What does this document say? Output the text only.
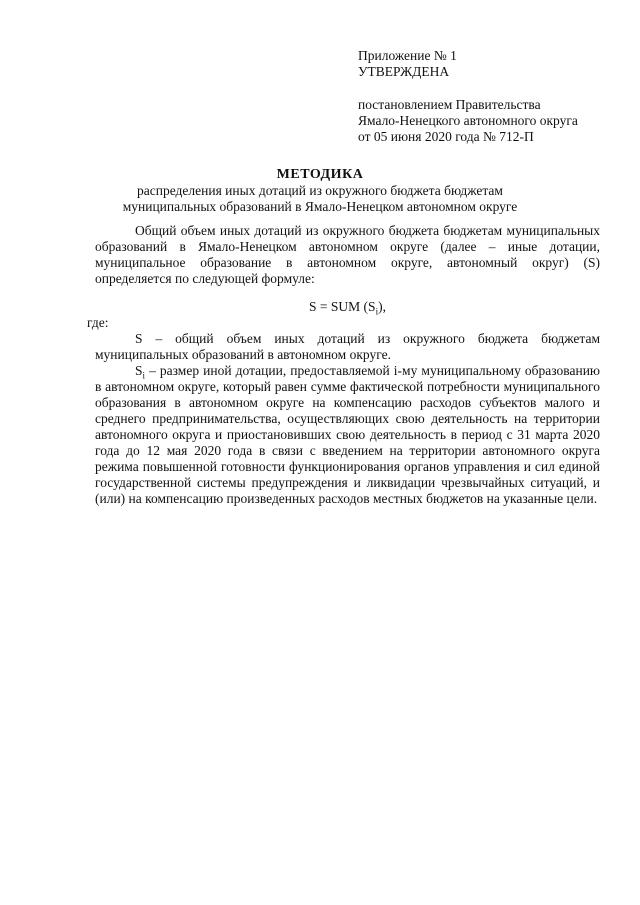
Приложение № 1
УТВЕРЖДЕНА
постановлением Правительства
Ямало-Ненецкого автономного округа
от 05 июня 2020 года № 712-П
МЕТОДИКА
распределения иных дотаций из окружного бюджета бюджетам
муниципальных образований в Ямало-Ненецком автономном округе

Общий объем иных дотаций из окружного бюджета бюджетам муниципальных образований в Ямало-Ненецком автономном округе (далее – иные дотации, муниципальное образование в автономном округе, автономный округ) (S) определяется по следующей формуле:

S = SUM $(S_i)$,

где:

S – общий объем иных дотаций из окружного бюджета бюджетам муниципальных образований в автономном округе.

$S_i$ – размер иной дотации, предоставляемой i-му муниципальному образованию в автономном округе, который равен сумме фактической потребности муниципального образования в автономном округе на компенсацию расходов субъектов малого и среднего предпринимательства, осуществляющих свою деятельность на территории автономного округа и приостановивших свою деятельность в период с 31 марта 2020 года до 12 мая 2020 года в связи с введением на территории автономного округа режима повышенной готовности функционирования органов управления и сил единой государственной системы предупреждения и ликвидации чрезвычайных ситуаций, и (или) на компенсацию произведенных расходов местных бюджетов на указанные цели.
